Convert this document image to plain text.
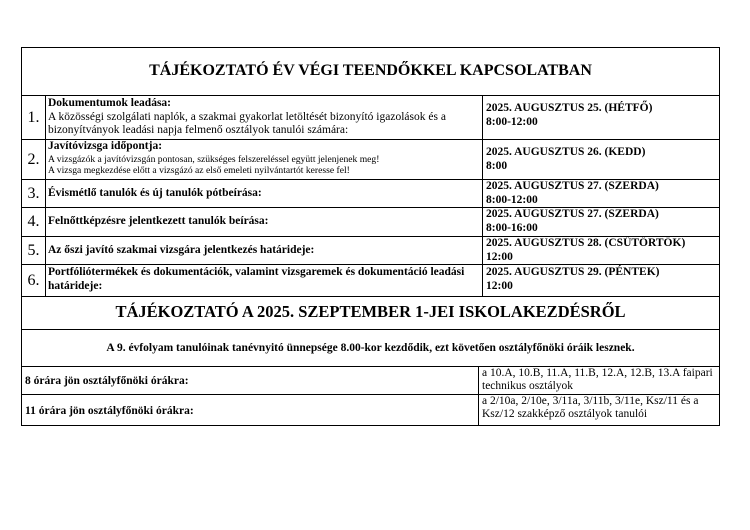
TÁJÉKOZTATÓ ÉV VÉGI TEENDŐKKEL KAPCSOLATBAN
1.
Dokumentumok leadása:
A közösségi szolgálati naplók, a szakmai gyakorlat letöltését bizonyító igazolások és a bizonyítványok leadási napja felmenő osztályok tanulói számára:
2025. AUGUSZTUS 25. (HÉTFŐ)
8:00-12:00
2.
Javítóvizsga időpontja:
A vizsgázók a javítóvizsgán pontosan, szükséges felszereléssel együtt jelenjenek meg!
A vizsga megkezdése előtt a vizsgázó az első emeleti nyilvántartót keresse fel!
2025. AUGUSZTUS 26. (KEDD)
8:00
3. Évismétlő tanulók és új tanulók pótbeírása:
2025. AUGUSZTUS 27. (SZERDA)
8:00-12:00
4. Felnőttképzésre jelentkezett tanulók beírása:
2025. AUGUSZTUS 27. (SZERDA)
8:00-16:00
5. Az őszi javító szakmai vizsgára jelentkezés határideje:
2025. AUGUSZTUS 28. (CSÜTÖRTÖK)
12:00
6. Portfóliótermékek és dokumentációk, valamint vizsgaremek és dokumentáció leadási határideje:
2025. AUGUSZTUS 29. (PÉNTEK)
12:00
TÁJÉKOZTATÓ A 2025. SZEPTEMBER 1-JEI ISKOLAKEZDÉSRŐL
A 9. évfolyam tanulóinak tanévnyitó ünnepsége 8.00-kor kezdődik, ezt követően osztályfőnöki óráik lesznek.
8 órára jön osztályfőnöki órákra:
a 10.A, 10.B, 11.A, 11.B, 12.A, 12.B, 13.A faipari technikus osztályok
11 órára jön osztályfőnöki órákra:
a 2/10a, 2/10e, 3/11a, 3/11b, 3/11e, Ksz/11 és a Ksz/12 szakképző osztályok tanulói
